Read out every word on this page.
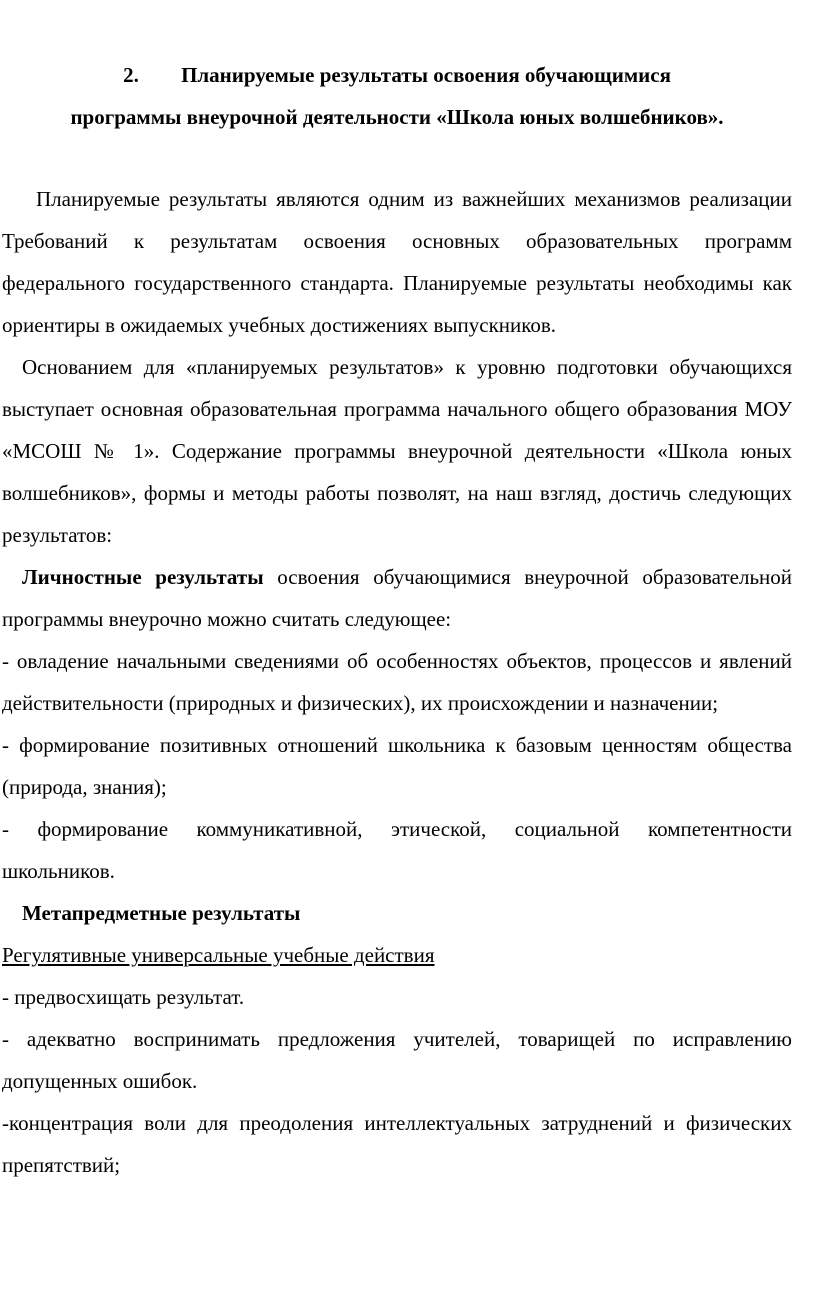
2. Планируемые результаты освоения обучающимися
программы внеурочной деятельности «Школа юных волшебников».

Планируемые результаты являются одним из важнейших механизмов реализации Требований к результатам освоения основных образовательных программ федерального государственного стандарта. Планируемые результаты необходимы как ориентиры в ожидаемых учебных достижениях выпускников.

Основанием для «планируемых результатов» к уровню подготовки обучающихся выступает основная образовательная программа начального общего образования МОУ «МСОШ № 1». Содержание программы внеурочной деятельности «Школа юных волшебников», формы и методы работы позволят, на наш взгляд, достичь следующих результатов:

Личностные результаты освоения обучающимися внеурочной образовательной программы внеурочно можно считать следующее:

- овладение начальными сведениями об особенностях объектов, процессов и явлений действительности (природных и физических), их происхождении и назначении;

- формирование позитивных отношений школьника к базовым ценностям общества (природа, знания);

- формирование коммуникативной, этической, социальной компетентности школьников.

Метапредметные результаты

Регулятивные универсальные учебные действия

- предвосхищать результат.

- адекватно воспринимать предложения учителей, товарищей по исправлению допущенных ошибок.

-концентрация воли для преодоления интеллектуальных затруднений и физических препятствий;
